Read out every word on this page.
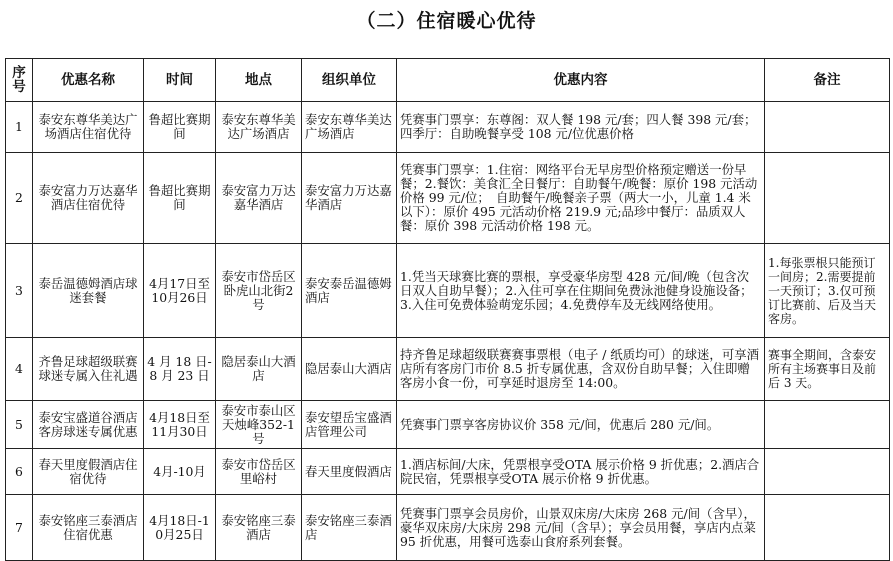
（二）住宿暖心优待
序号	优惠名称	时间	地点	组织单位	优惠内容	备注
1	泰安东尊华美达广场酒店住宿优待	鲁超比赛期间	泰安东尊华美达广场酒店	泰安东尊华美达广场酒店	凭赛事门票享：东尊阁：双人餐 198 元/套；四人餐 398 元/套；四季厅：自助晚餐享受 108 元/位优惠价格	
2	泰安富力万达嘉华酒店住宿优待	鲁超比赛期间	泰安富力万达嘉华酒店	泰安富力万达嘉华酒店	凭赛事门票享：1.住宿：网络平台无早房型价格预定赠送一份早餐；2.餐饮：美食汇全日餐厅：自助餐午/晚餐：原价 198 元活动价格 99 元/位；　自助餐午/晚餐亲子票（两大一小，儿童 1.4 米以下）：原价 495 元活动价格 219.9 元;品珍中餐厅：品质双人餐：原价 398 元活动价格 198 元。	
3	泰岳温德姆酒店球迷套餐	4月17日至10月26日	泰安市岱岳区卧虎山北街2号	泰安泰岳温德姆酒店	1.凭当天球赛比赛的票根，享受豪华房型 428 元/间/晚（包含次日双人自助早餐）；2.入住可享在住期间免费泳池健身设施设备；3.入住可免费体验萌宠乐园；4.免费停车及无线网络使用。	1.每张票根只能预订一间房；2.需要提前一天预订；3.仅可预订比赛前、后及当天客房。
4	齐鲁足球超级联赛球迷专属入住礼遇	4 月 18 日-8 月 23 日	隐居泰山大酒店	隐居泰山大酒店	持齐鲁足球超级联赛赛事票根（电子 / 纸质均可）的球迷，可享酒店所有客房门市价 8.5 折专属优惠，含双份自助早餐；入住即赠客房小食一份，可享延时退房至 14:00。	赛事全期间，含泰安所有主场赛事日及前后 3 天。
5	泰安宝盛道谷酒店客房球迷专属优惠	4月18日至11月30日	泰安市泰山区天烛峰352-1号	泰安望岳宝盛酒店管理公司	凭赛事门票享客房协议价 358 元/间，优惠后 280 元/间。	
6	春天里度假酒店住宿优待	4月-10月	泰安市岱岳区里峪村	春天里度假酒店	1.酒店标间/大床，凭票根享受OTA 展示价格 9 折优惠；2.酒店合院民宿，凭票根享受OTA 展示价格 9 折优惠。	
7	泰安铭座三泰酒店住宿优惠	4月18日-10月25日	泰安铭座三泰酒店	泰安铭座三泰酒店	凭赛事门票享会员房价，山景双床房/大床房 268 元/间（含早），豪华双床房/大床房 298 元/间（含早）；享会员用餐，享店内点菜 95 折优惠，用餐可选泰山食府系列套餐。	
